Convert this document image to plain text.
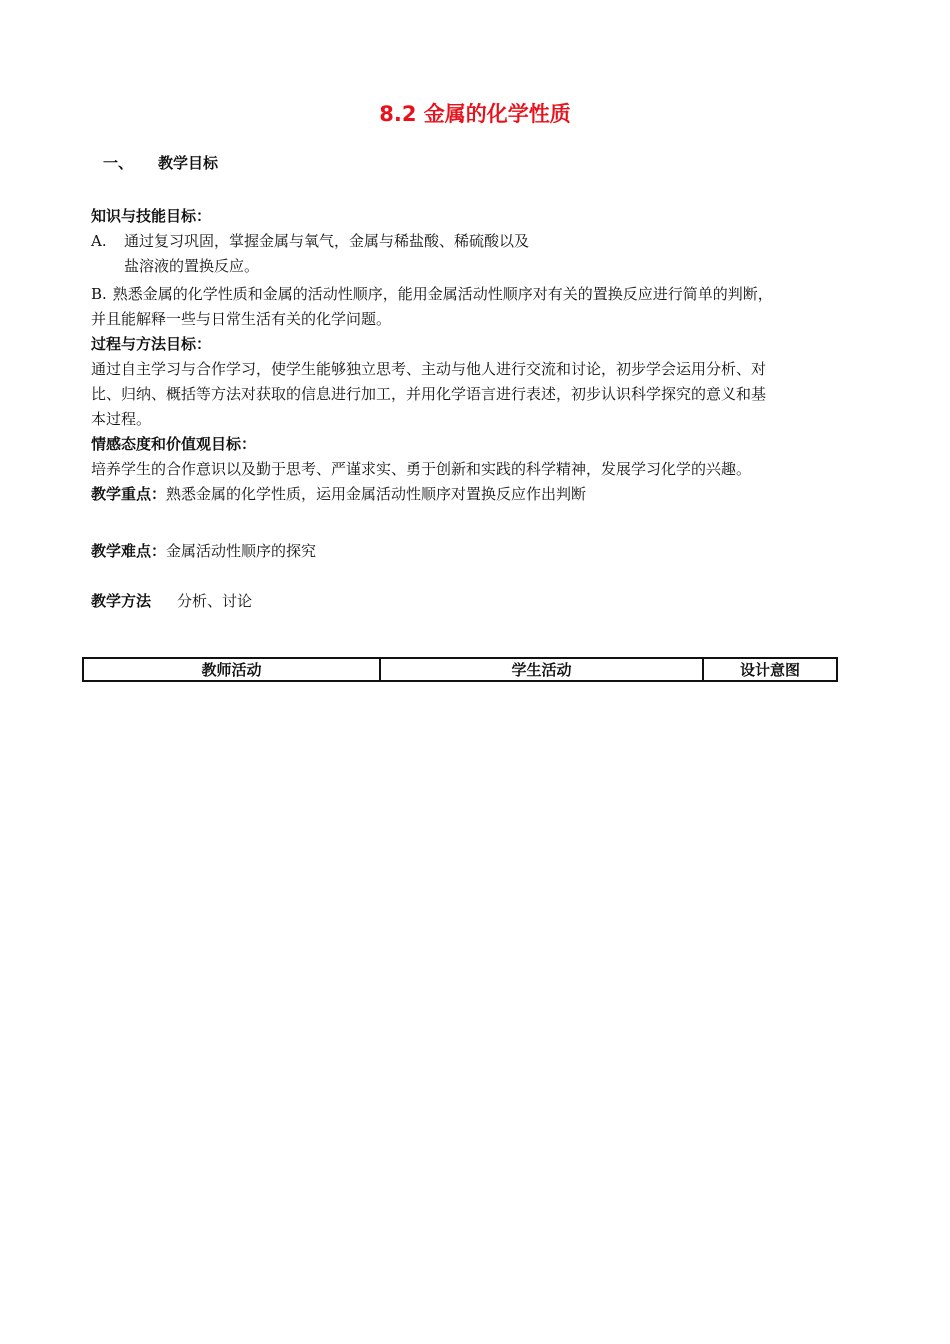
8.2 金属的化学性质
一、 教学目标
知识与技能目标：
A. 通过复习巩固，掌握金属与氧气，金属与稀盐酸、稀硫酸以及
盐溶液的置换反应。
B. 熟悉金属的化学性质和金属的活动性顺序，能用金属活动性顺序对有关的置换反应进行简单的判断，
并且能解释一些与日常生活有关的化学问题。
过程与方法目标：
通过自主学习与合作学习，使学生能够独立思考、主动与他人进行交流和讨论，初步学会运用分析、对
比、归纳、概括等方法对获取的信息进行加工，并用化学语言进行表述，初步认识科学探究的意义和基
本过程。
情感态度和价值观目标：
培养学生的合作意识以及勤于思考、严谨求实、勇于创新和实践的科学精神，发展学习化学的兴趣。
教学重点：熟悉金属的化学性质，运用金属活动性顺序对置换反应作出判断
教学难点：金属活动性顺序的探究
教学方法 分析、讨论
教师活动	学生活动	设计意图
